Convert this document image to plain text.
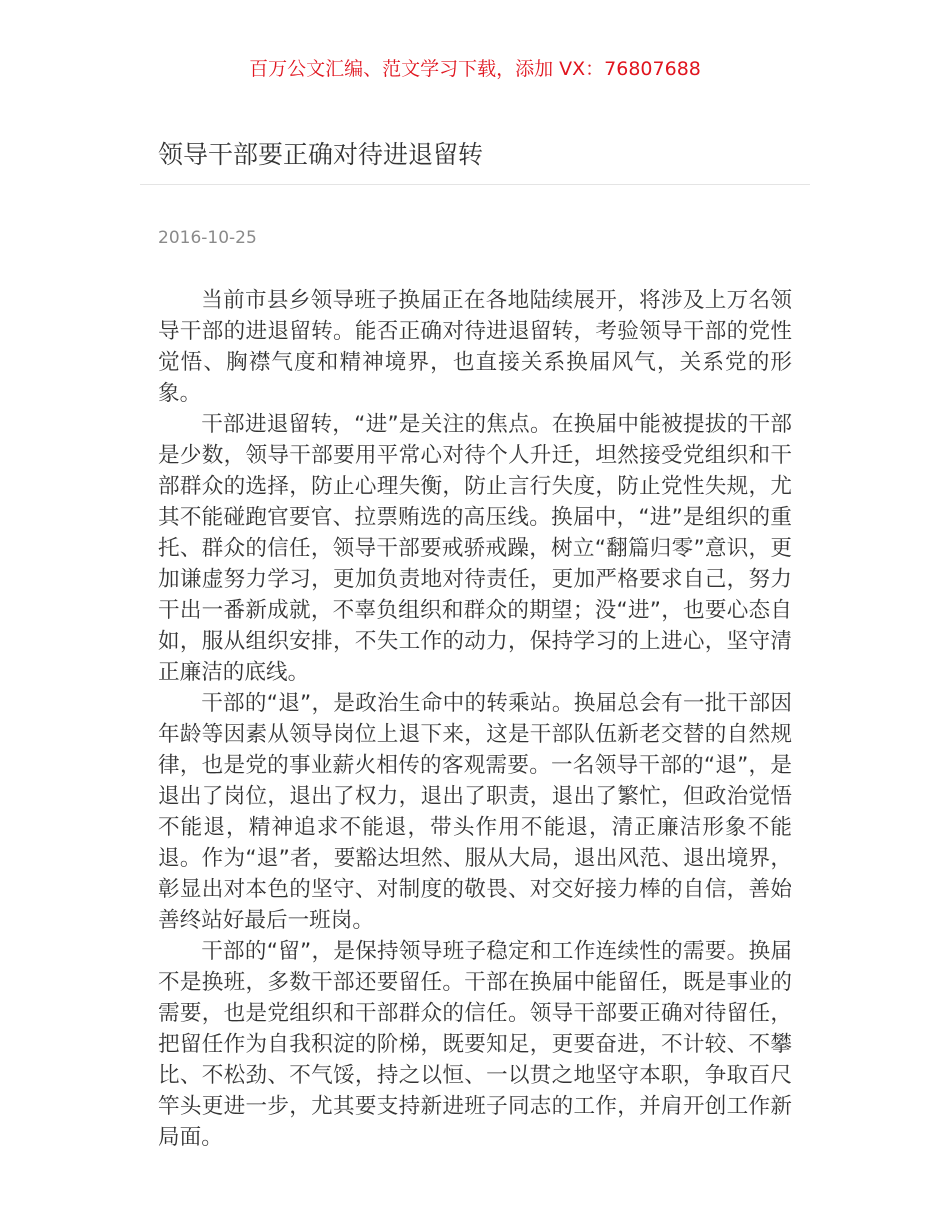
百万公文汇编、范文学习下载，添加 VX：76807688
领导干部要正确对待进退留转
2016-10-25

当前市县乡领导班子换届正在各地陆续展开，将涉及上万名领导干部的进退留转。能否正确对待进退留转，考验领导干部的党性觉悟、胸襟气度和精神境界，也直接关系换届风气，关系党的形象。

干部进退留转，“进”是关注的焦点。在换届中能被提拔的干部是少数，领导干部要用平常心对待个人升迁，坦然接受党组织和干部群众的选择，防止心理失衡，防止言行失度，防止党性失规，尤其不能碰跑官要官、拉票贿选的高压线。换届中，“进”是组织的重托、群众的信任，领导干部要戒骄戒躁，树立“翻篇归零”意识，更加谦虚努力学习，更加负责地对待责任，更加严格要求自己，努力干出一番新成就，不辜负组织和群众的期望；没“进”，也要心态自如，服从组织安排，不失工作的动力，保持学习的上进心，坚守清正廉洁的底线。

干部的“退”，是政治生命中的转乘站。换届总会有一批干部因年龄等因素从领导岗位上退下来，这是干部队伍新老交替的自然规律，也是党的事业薪火相传的客观需要。一名领导干部的“退”，是退出了岗位，退出了权力，退出了职责，退出了繁忙，但政治觉悟不能退，精神追求不能退，带头作用不能退，清正廉洁形象不能退。作为“退”者，要豁达坦然、服从大局，退出风范、退出境界，彰显出对本色的坚守、对制度的敬畏、对交好接力棒的自信，善始善终站好最后一班岗。

干部的“留”，是保持领导班子稳定和工作连续性的需要。换届不是换班，多数干部还要留任。干部在换届中能留任，既是事业的需要，也是党组织和干部群众的信任。领导干部要正确对待留任，把留任作为自我积淀的阶梯，既要知足，更要奋进，不计较、不攀比、不松劲、不气馁，持之以恒、一以贯之地坚守本职，争取百尺竿头更进一步，尤其要支持新进班子同志的工作，并肩开创工作新局面。
